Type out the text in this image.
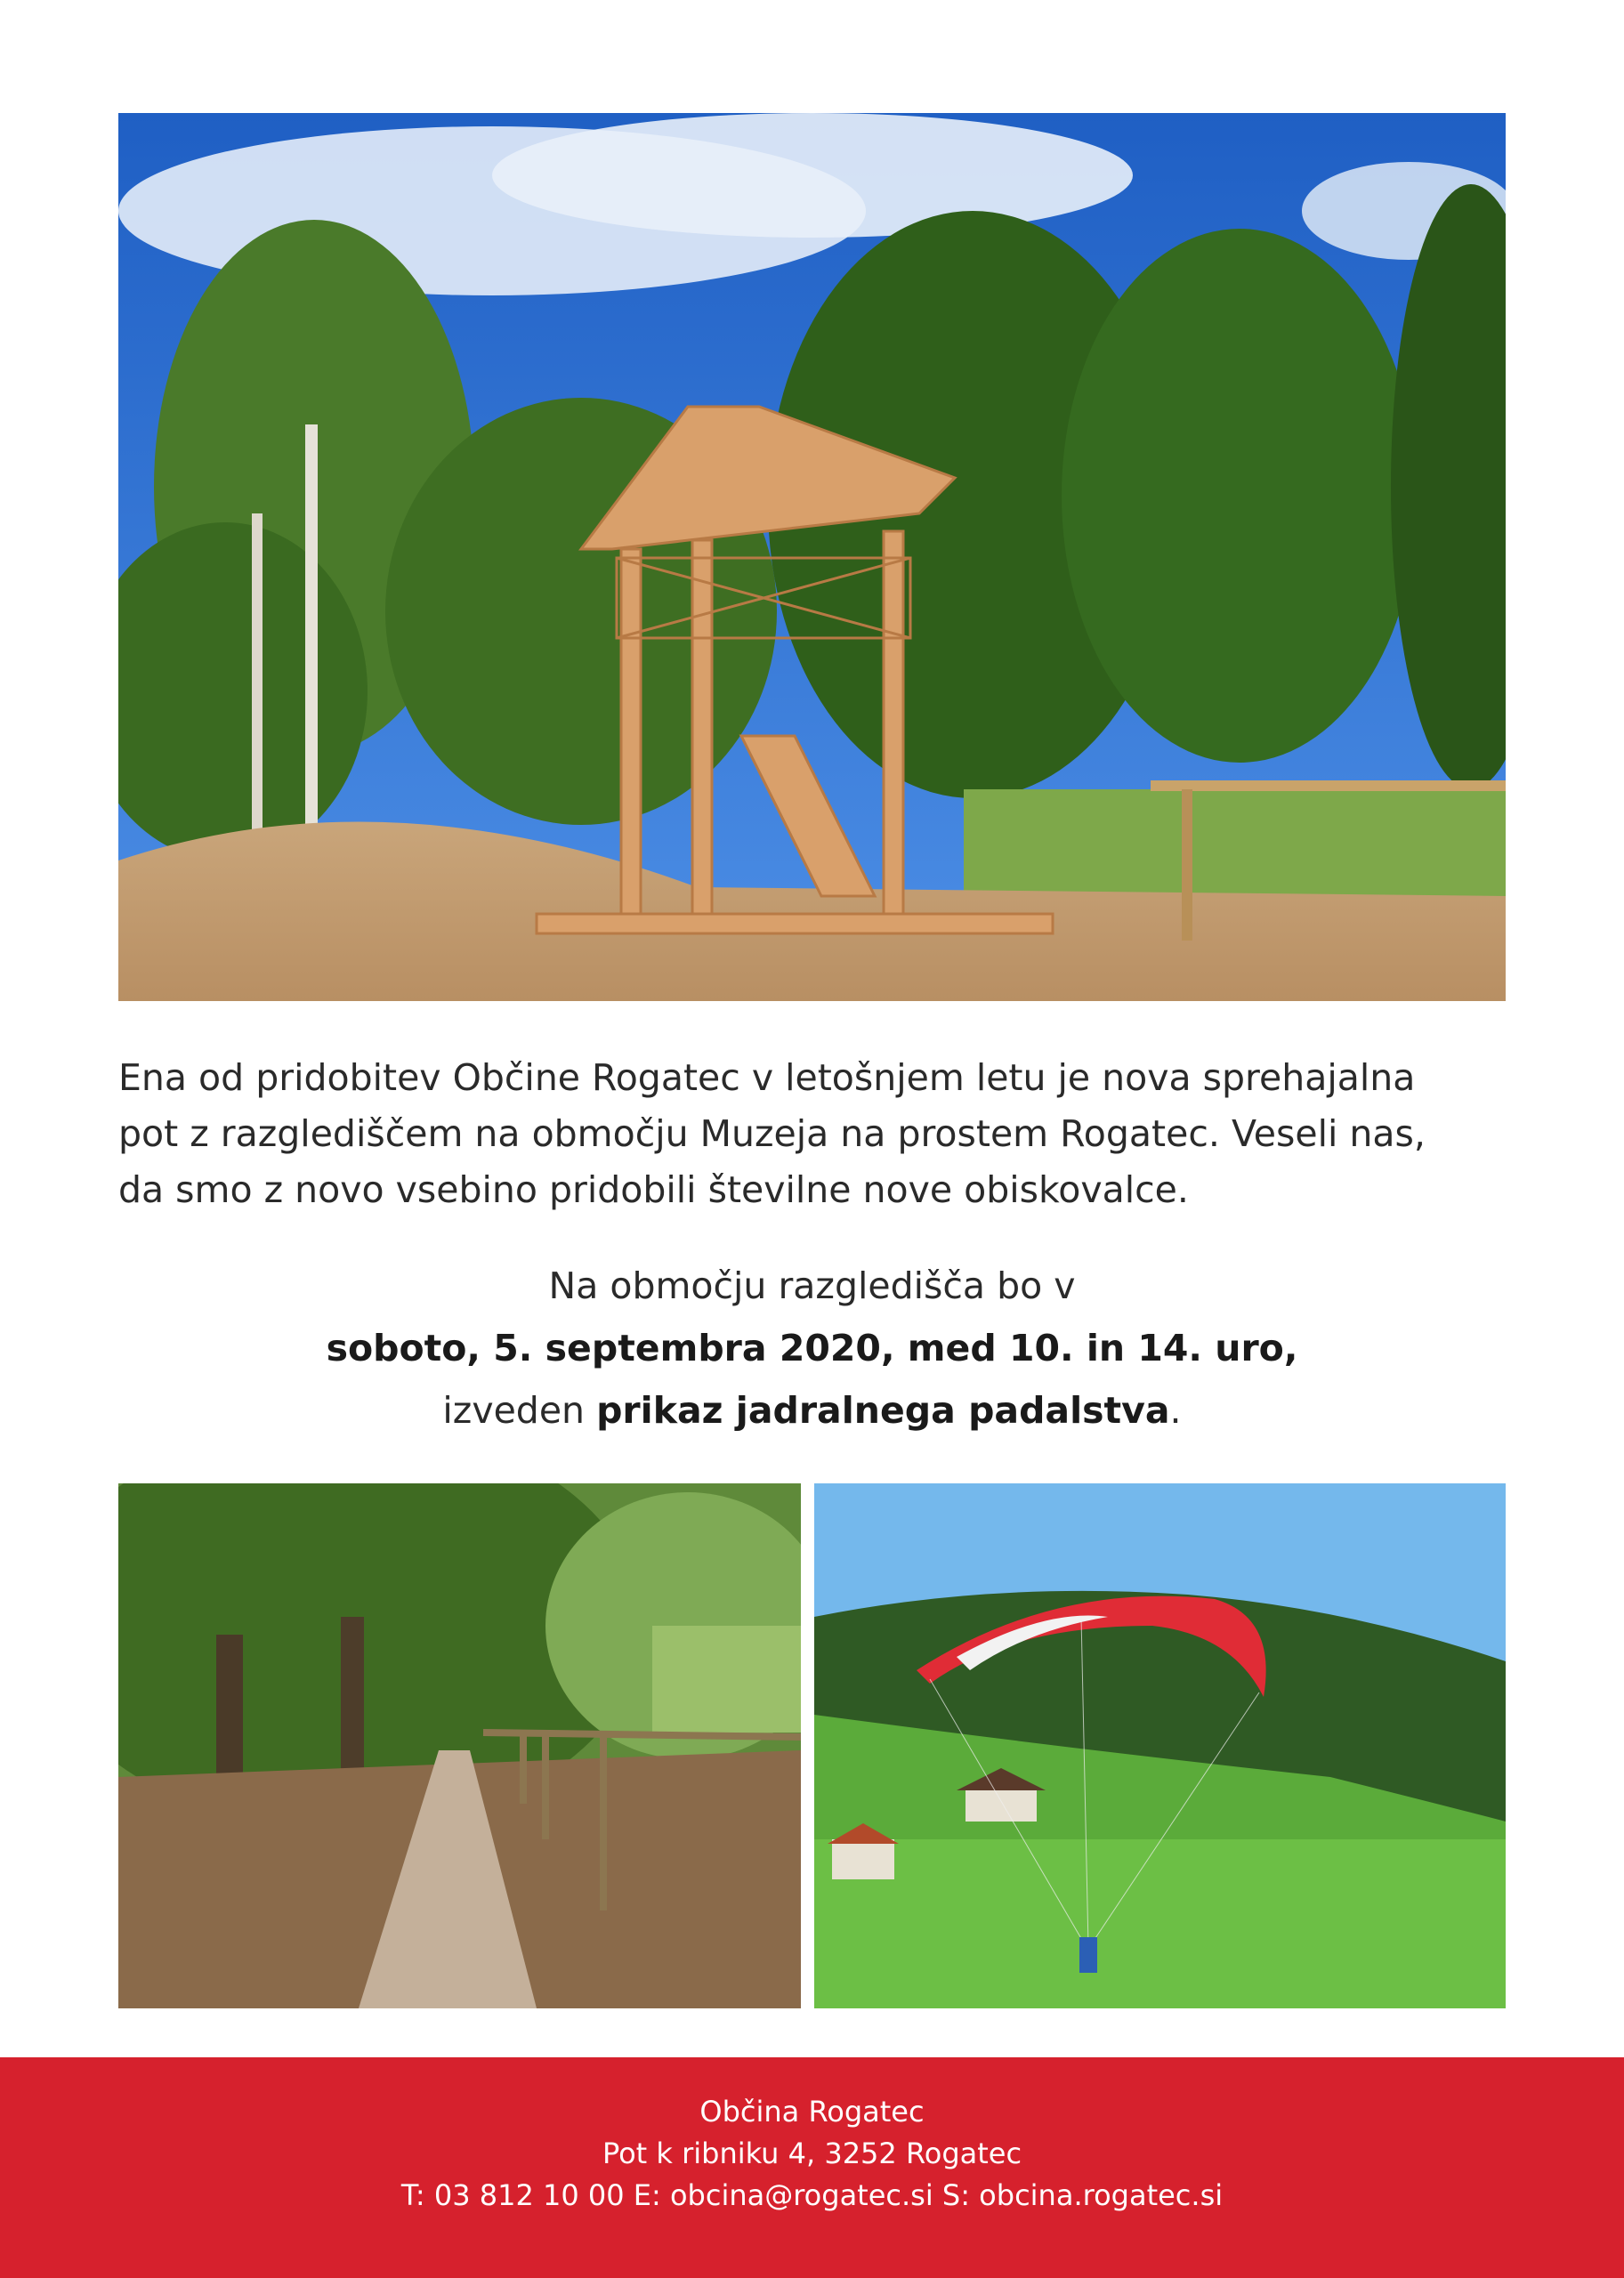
Ena od pridobitev Občine Rogatec v letošnjem letu je nova sprehajalna
pot z razglediščem na območju Muzeja na prostem Rogatec. Veseli nas,
da smo z novo vsebino pridobili številne nove obiskovalce.
Na območju razgledišča bo v
soboto, 5. septembra 2020, med 10. in 14. uro,
izveden prikaz jadralnega padalstva.
Občina Rogatec
Pot k ribniku 4, 3252 Rogatec
T: 03 812 10 00 E: obcina@rogatec.si S: obcina.rogatec.si
